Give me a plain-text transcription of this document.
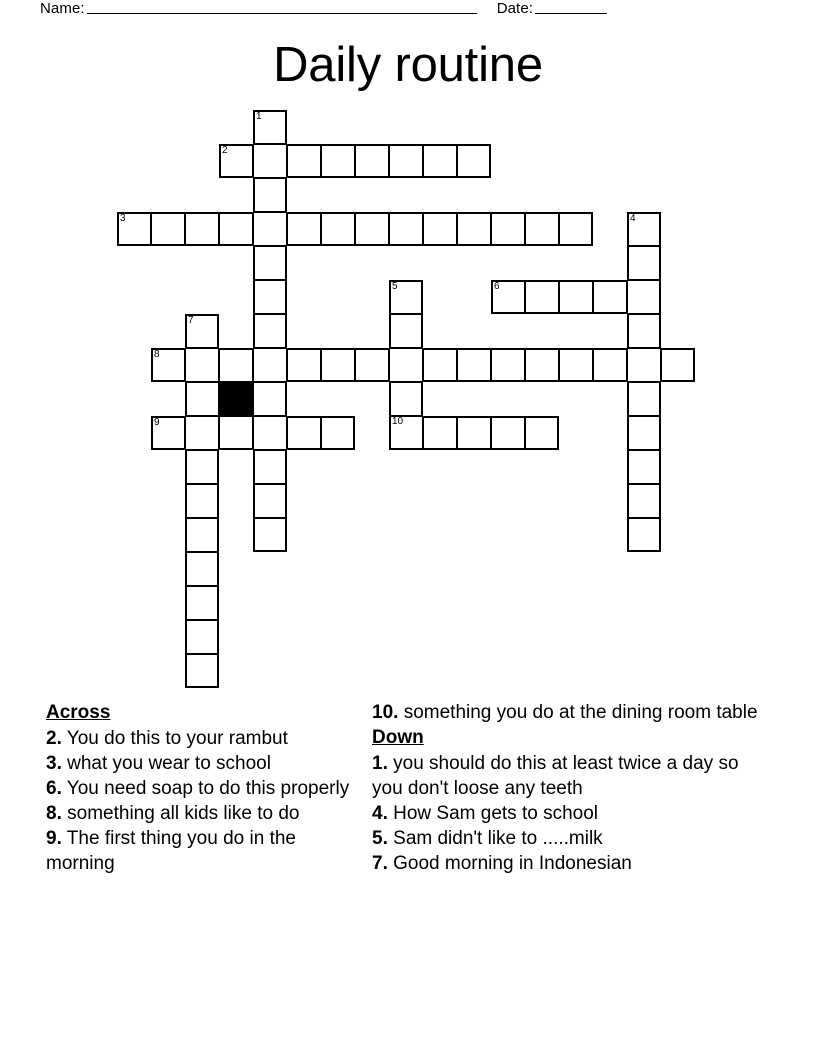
Name:	Date:
Daily routine
1
2
3	4
5	6
7
8
9	10
Across
2. You do this to your rambut
3. what you wear to school
6. You need soap to do this properly
8. something all kids like to do
9. The first thing you do in the morning
10. something you do at the dining room table
Down
1. you should do this at least twice a day so you don't loose any teeth
4. How Sam gets to school
5. Sam didn't like to .....milk
7. Good morning in Indonesian
